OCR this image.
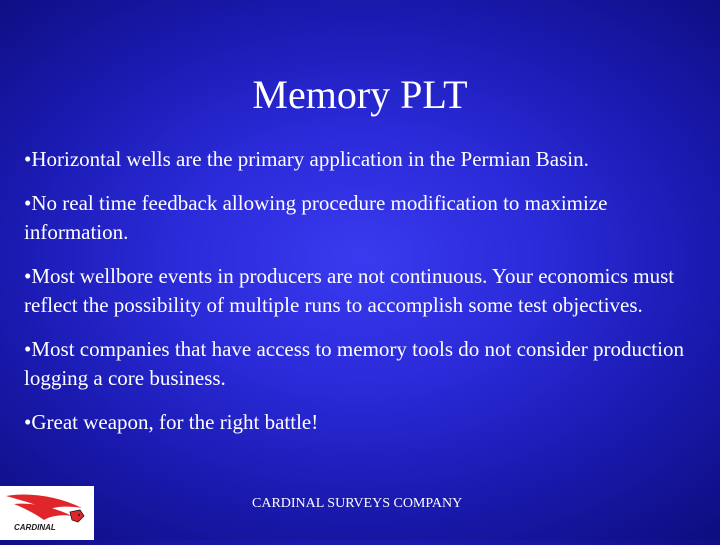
Memory PLT
•Horizontal wells are the primary application in the Permian Basin.
•No real time feedback allowing procedure modification to maximize information.
•Most wellbore events in producers are not continuous. Your economics must reflect the possibility of multiple runs to accomplish some test objectives.
•Most companies that have access to memory tools do not consider production logging a core business.
•Great weapon, for the right battle!
CARDINAL
CARDINAL SURVEYS COMPANY
